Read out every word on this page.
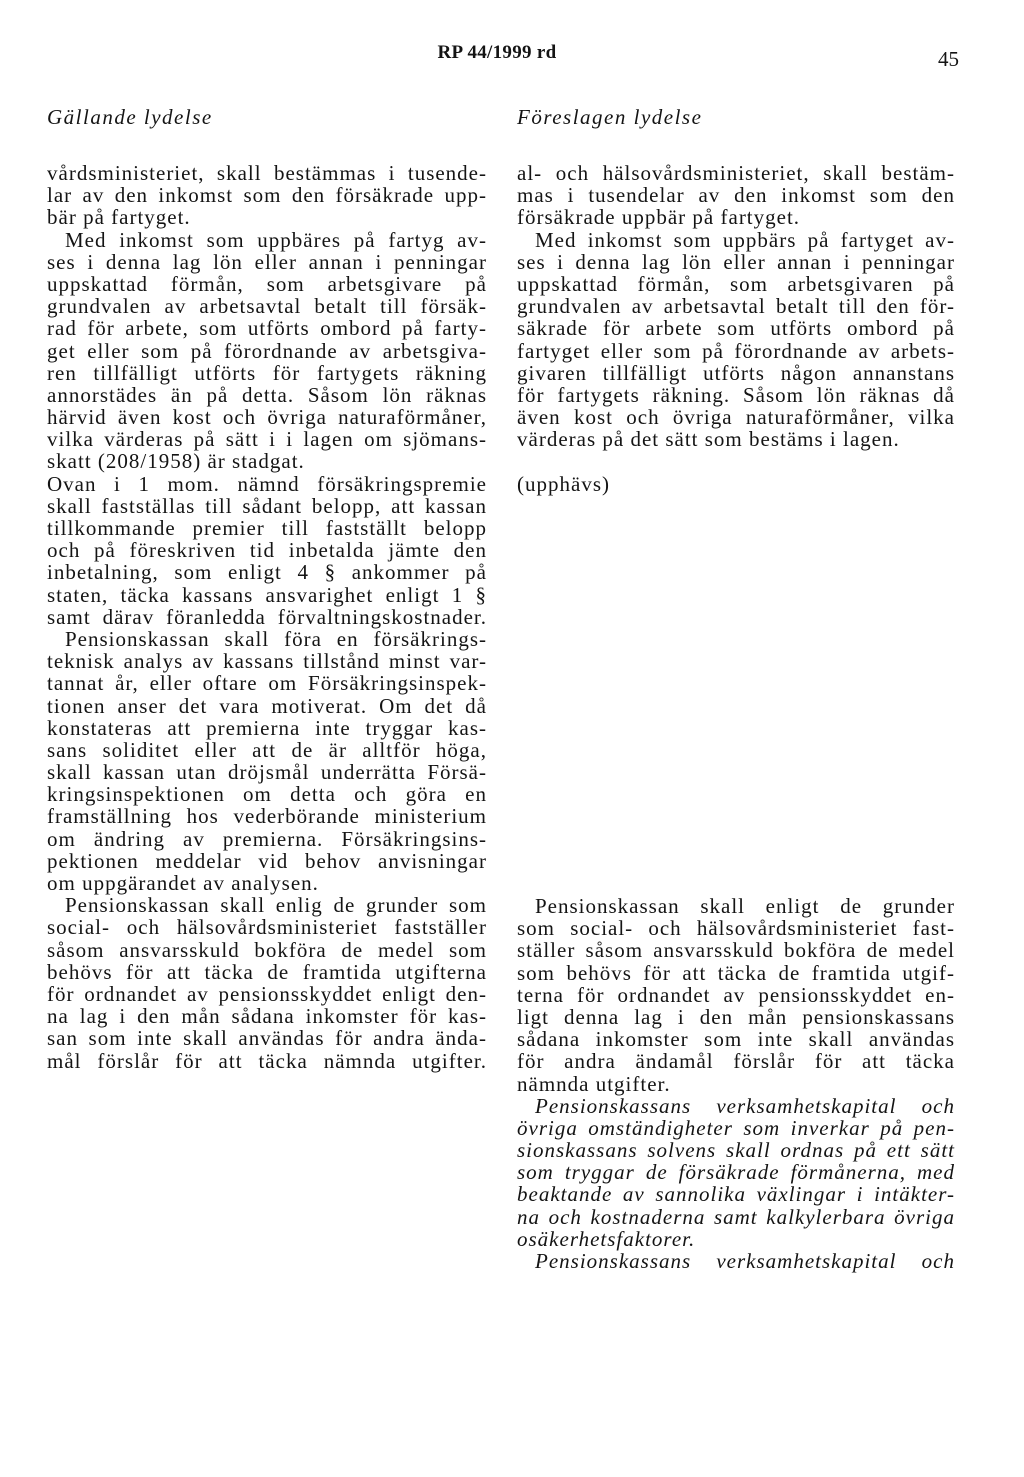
RP 44/1999 rd	45
Gällande lydelse	Föreslagen lydelse
vårdsministeriet, skall bestämmas i tusende-
lar av den inkomst som den försäkrade upp-
bär på fartyget.
Med inkomst som uppbäres på fartyg av-
ses i denna lag lön eller annan i penningar
uppskattad förmån, som arbetsgivare på
grundvalen av arbetsavtal betalt till försäk-
rad för arbete, som utförts ombord på farty-
get eller som på förordnande av arbetsgiva-
ren tillfälligt utförts för fartygets räkning
annorstädes än på detta. Såsom lön räknas
härvid även kost och övriga naturaförmåner,
vilka värderas på sätt i i lagen om sjömans-
skatt (208/1958) är stadgat.
Ovan i 1 mom. nämnd försäkringspremie
skall fastställas till sådant belopp, att kassan
tillkommande premier till fastställt belopp
och på föreskriven tid inbetalda jämte den
inbetalning, som enligt 4 § ankommer på
staten, täcka kassans ansvarighet enligt 1 §
samt därav föranledda förvaltningskostnader.
Pensionskassan skall föra en försäkrings-
teknisk analys av kassans tillstånd minst var-
tannat år, eller oftare om Försäkringsinspek-
tionen anser det vara motiverat. Om det då
konstateras att premierna inte tryggar kas-
sans soliditet eller att de är alltför höga,
skall kassan utan dröjsmål underrätta Försä-
kringsinspektionen om detta och göra en
framställning hos vederbörande ministerium
om ändring av premierna. Försäkringsins-
pektionen meddelar vid behov anvisningar
om uppgärandet av analysen.
Pensionskassan skall enlig de grunder som
social- och hälsovårdsministeriet fastställer
såsom ansvarsskuld bokföra de medel som
behövs för att täcka de framtida utgifterna
för ordnandet av pensionsskyddet enligt den-
na lag i den mån sådana inkomster för kas-
san som inte skall användas för andra ända-
mål förslår för att täcka nämnda utgifter.
al- och hälsovårdsministeriet, skall bestäm-
mas i tusendelar av den inkomst som den
försäkrade uppbär på fartyget.
Med inkomst som uppbärs på fartyget av-
ses i denna lag lön eller annan i penningar
uppskattad förmån, som arbetsgivaren på
grundvalen av arbetsavtal betalt till den för-
säkrade för arbete som utförts ombord på
fartyget eller som på förordnande av arbets-
givaren tillfälligt utförts någon annanstans
för fartygets räkning. Såsom lön räknas då
även kost och övriga naturaförmåner, vilka
värderas på det sätt som bestäms i lagen.
(upphävs)
Pensionskassan skall enligt de grunder
som social- och hälsovårdsministeriet fast-
ställer såsom ansvarsskuld bokföra de medel
som behövs för att täcka de framtida utgif-
terna för ordnandet av pensionsskyddet en-
ligt denna lag i den mån pensionskassans
sådana inkomster som inte skall användas
för andra ändamål förslår för att täcka
nämnda utgifter.
Pensionskassans verksamhetskapital och
övriga omständigheter som inverkar på pen-
sionskassans solvens skall ordnas på ett sätt
som tryggar de försäkrade förmånerna, med
beaktande av sannolika växlingar i intäkter-
na och kostnaderna samt kalkylerbara övriga
osäkerhetsfaktorer.
Pensionskassans verksamhetskapital och
